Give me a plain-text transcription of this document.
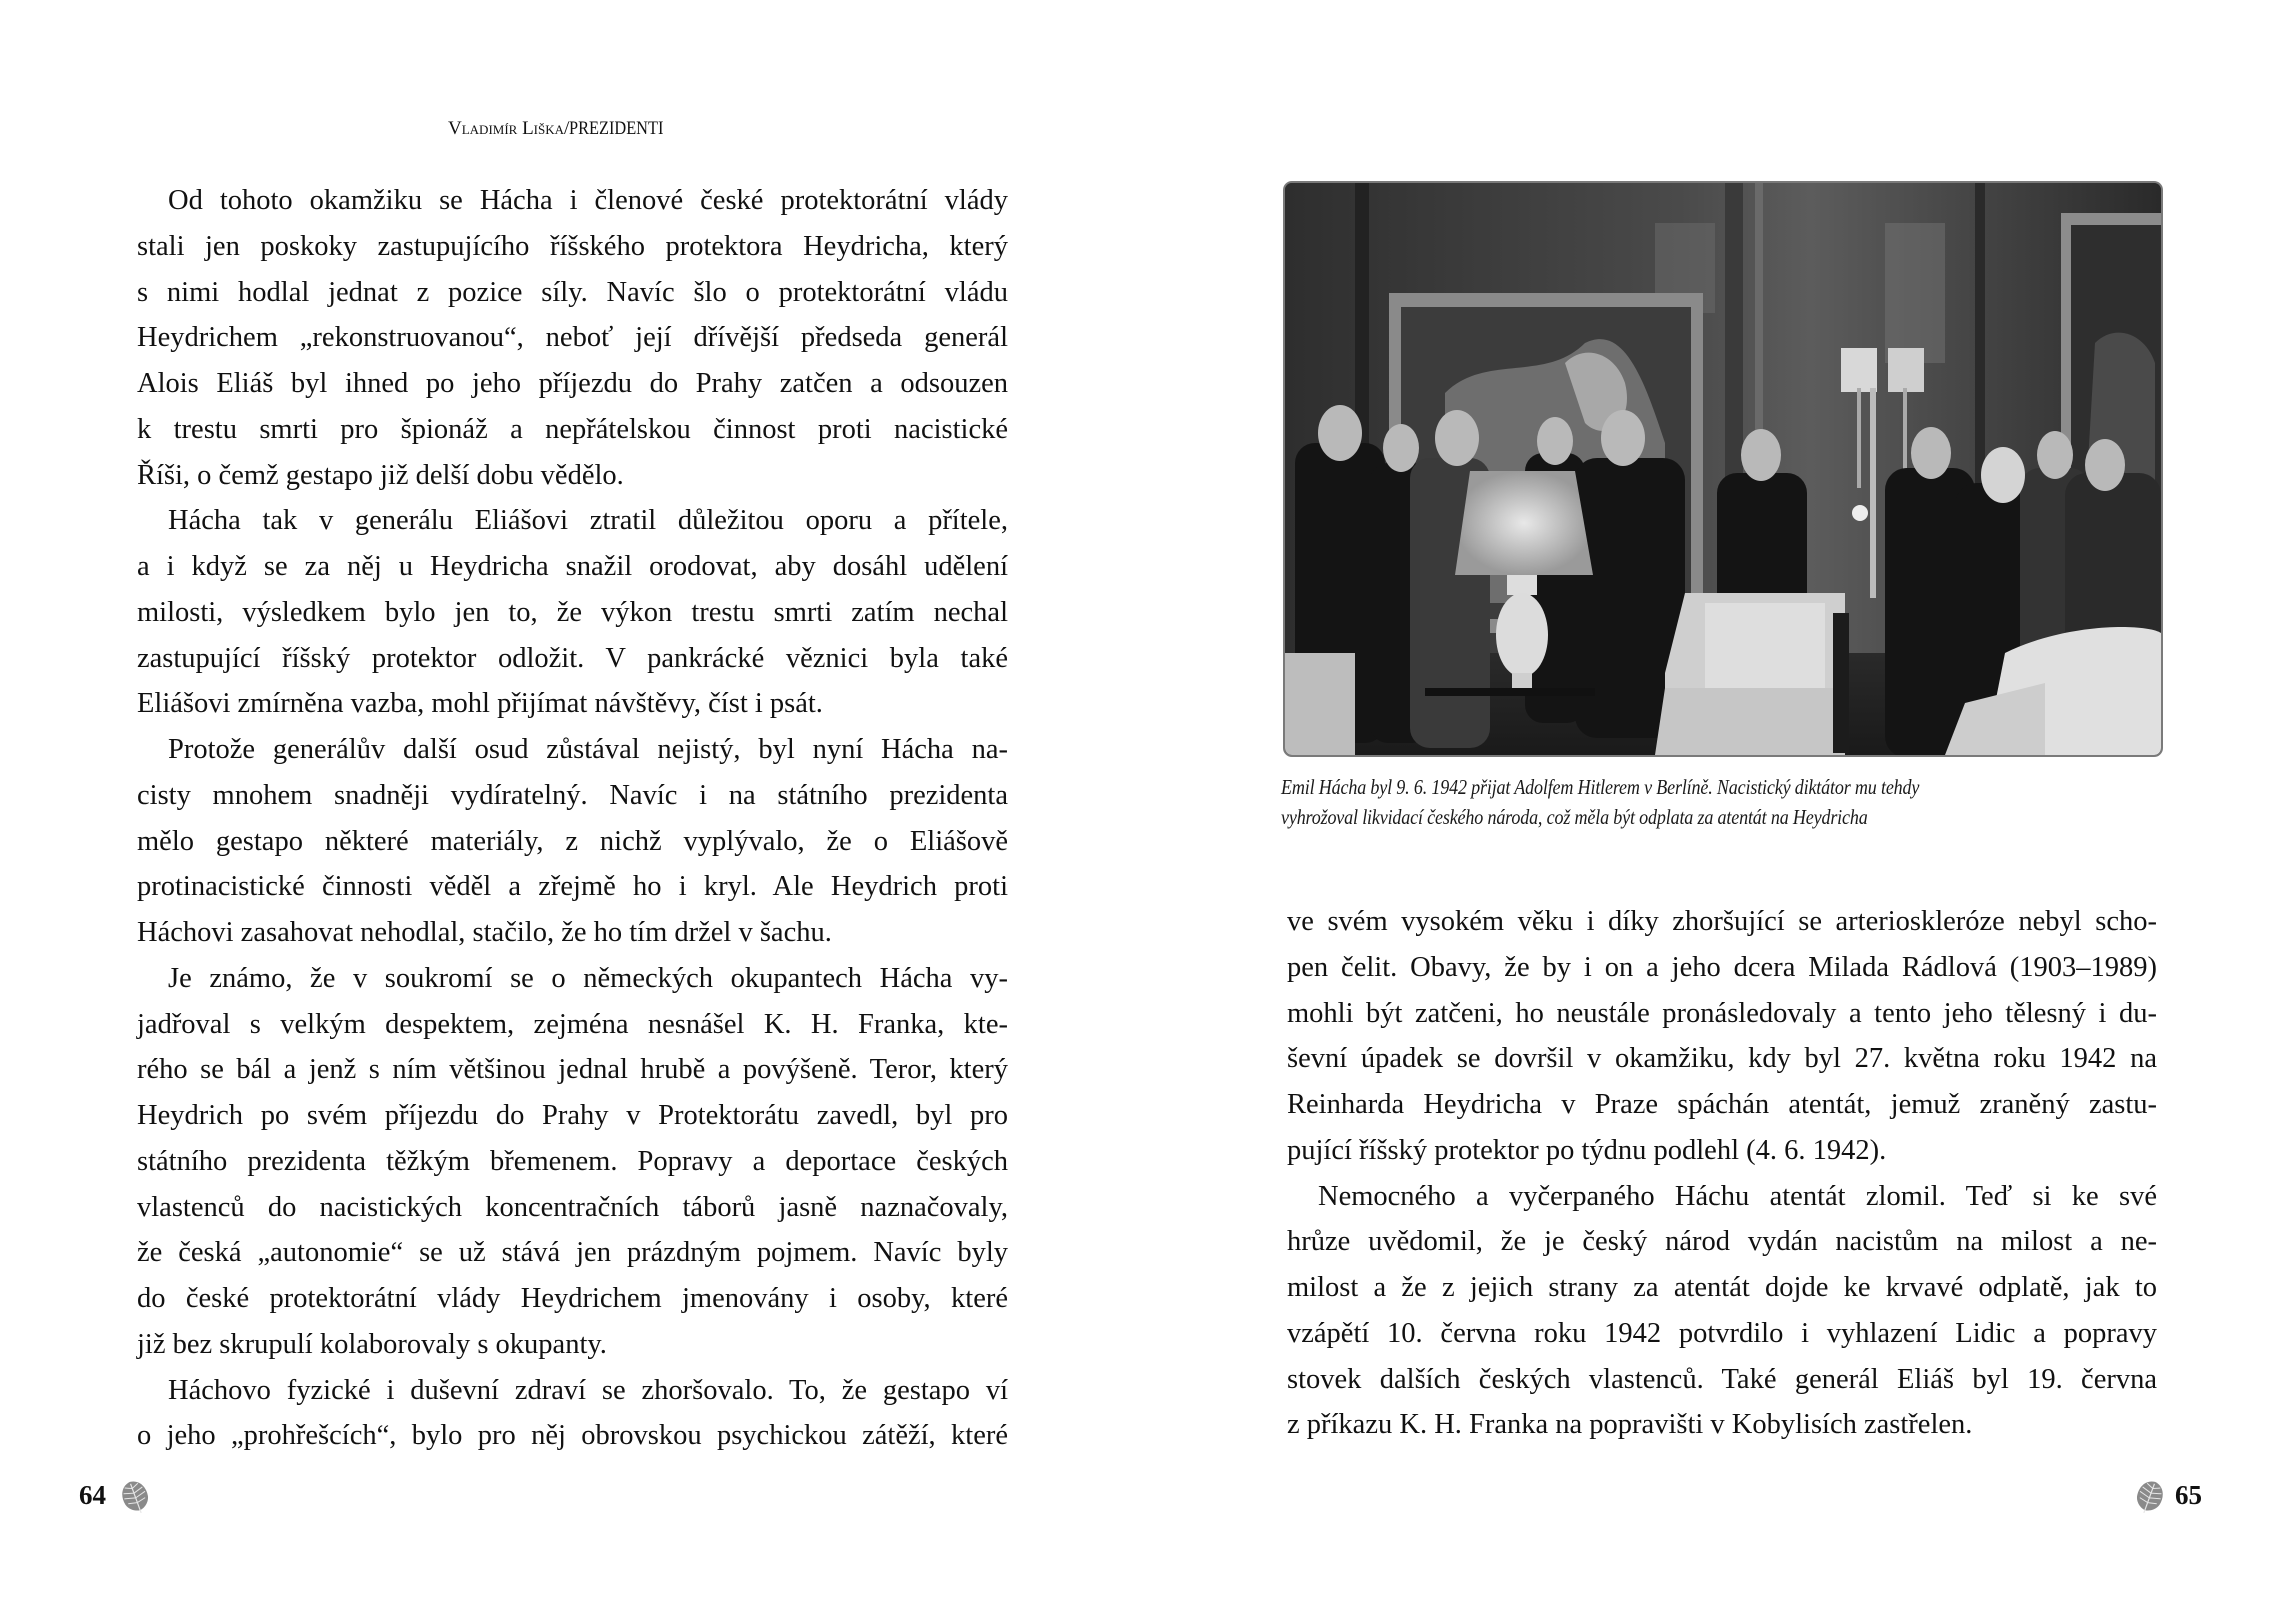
Vladimír Liška/PREZIDENTI
Od tohoto okamžiku se Hácha i členové české protektorátní vlády
stali jen poskoky zastupujícího říšského protektora Heydricha, který
s nimi hodlal jednat z pozice síly. Navíc šlo o protektorátní vládu
Heydrichem „rekonstruovanou“, neboť její dřívější předseda generál
Alois Eliáš byl ihned po jeho příjezdu do Prahy zatčen a odsouzen
k trestu smrti pro špionáž a nepřátelskou činnost proti nacistické
Říši, o čemž gestapo již delší dobu vědělo.
Hácha tak v generálu Eliášovi ztratil důležitou oporu a přítele,
a i když se za něj u Heydricha snažil orodovat, aby dosáhl udělení
milosti, výsledkem bylo jen to, že výkon trestu smrti zatím nechal
zastupující říšský protektor odložit. V pankrácké věznici byla také
Eliášovi zmírněna vazba, mohl přijímat návštěvy, číst i psát.
Protože generálův další osud zůstával nejistý, byl nyní Hácha na-
cisty mnohem snadněji vydíratelný. Navíc i na státního prezidenta
mělo gestapo některé materiály, z nichž vyplývalo, že o Eliášově
protinacistické činnosti věděl a zřejmě ho i kryl. Ale Heydrich proti
Háchovi zasahovat nehodlal, stačilo, že ho tím držel v šachu.
Je známo, že v soukromí se o německých okupantech Hácha vy-
jadřoval s velkým despektem, zejména nesnášel K. H. Franka, kte-
rého se bál a jenž s ním většinou jednal hrubě a povýšeně. Teror, který
Heydrich po svém příjezdu do Prahy v Protektorátu zavedl, byl pro
státního prezidenta těžkým břemenem. Popravy a deportace českých
vlastenců do nacistických koncentračních táborů jasně naznačovaly,
že česká „autonomie“ se už stává jen prázdným pojmem. Navíc byly
do české protektorátní vlády Heydrichem jmenovány i osoby, které
již bez skrupulí kolaborovaly s okupanty.
Háchovo fyzické i duševní zdraví se zhoršovalo. To, že gestapo ví
o jeho „prohřešcích“, bylo pro něj obrovskou psychickou zátěží, které
64
Emil Hácha byl 9. 6. 1942 přijat Adolfem Hitlerem v Berlíně. Nacistický diktátor mu tehdy
vyhrožoval likvidací českého národa, což měla být odplata za atentát na Heydricha
ve svém vysokém věku i díky zhoršující se arterioskleróze nebyl scho-
pen čelit. Obavy, že by i on a jeho dcera Milada Rádlová (1903–1989)
mohli být zatčeni, ho neustále pronásledovaly a tento jeho tělesný i du-
ševní úpadek se dovršil v okamžiku, kdy byl 27. května roku 1942 na
Reinharda Heydricha v Praze spáchán atentát, jemuž zraněný zastu-
pující říšský protektor po týdnu podlehl (4. 6. 1942).
Nemocného a vyčerpaného Háchu atentát zlomil. Teď si ke své
hrůze uvědomil, že je český národ vydán nacistům na milost a ne-
milost a že z jejich strany za atentát dojde ke krvavé odplatě, jak to
vzápětí 10. června roku 1942 potvrdilo i vyhlazení Lidic a popravy
stovek dalších českých vlastenců. Také generál Eliáš byl 19. června
z příkazu K. H. Franka na popravišti v Kobylisích zastřelen.
65
